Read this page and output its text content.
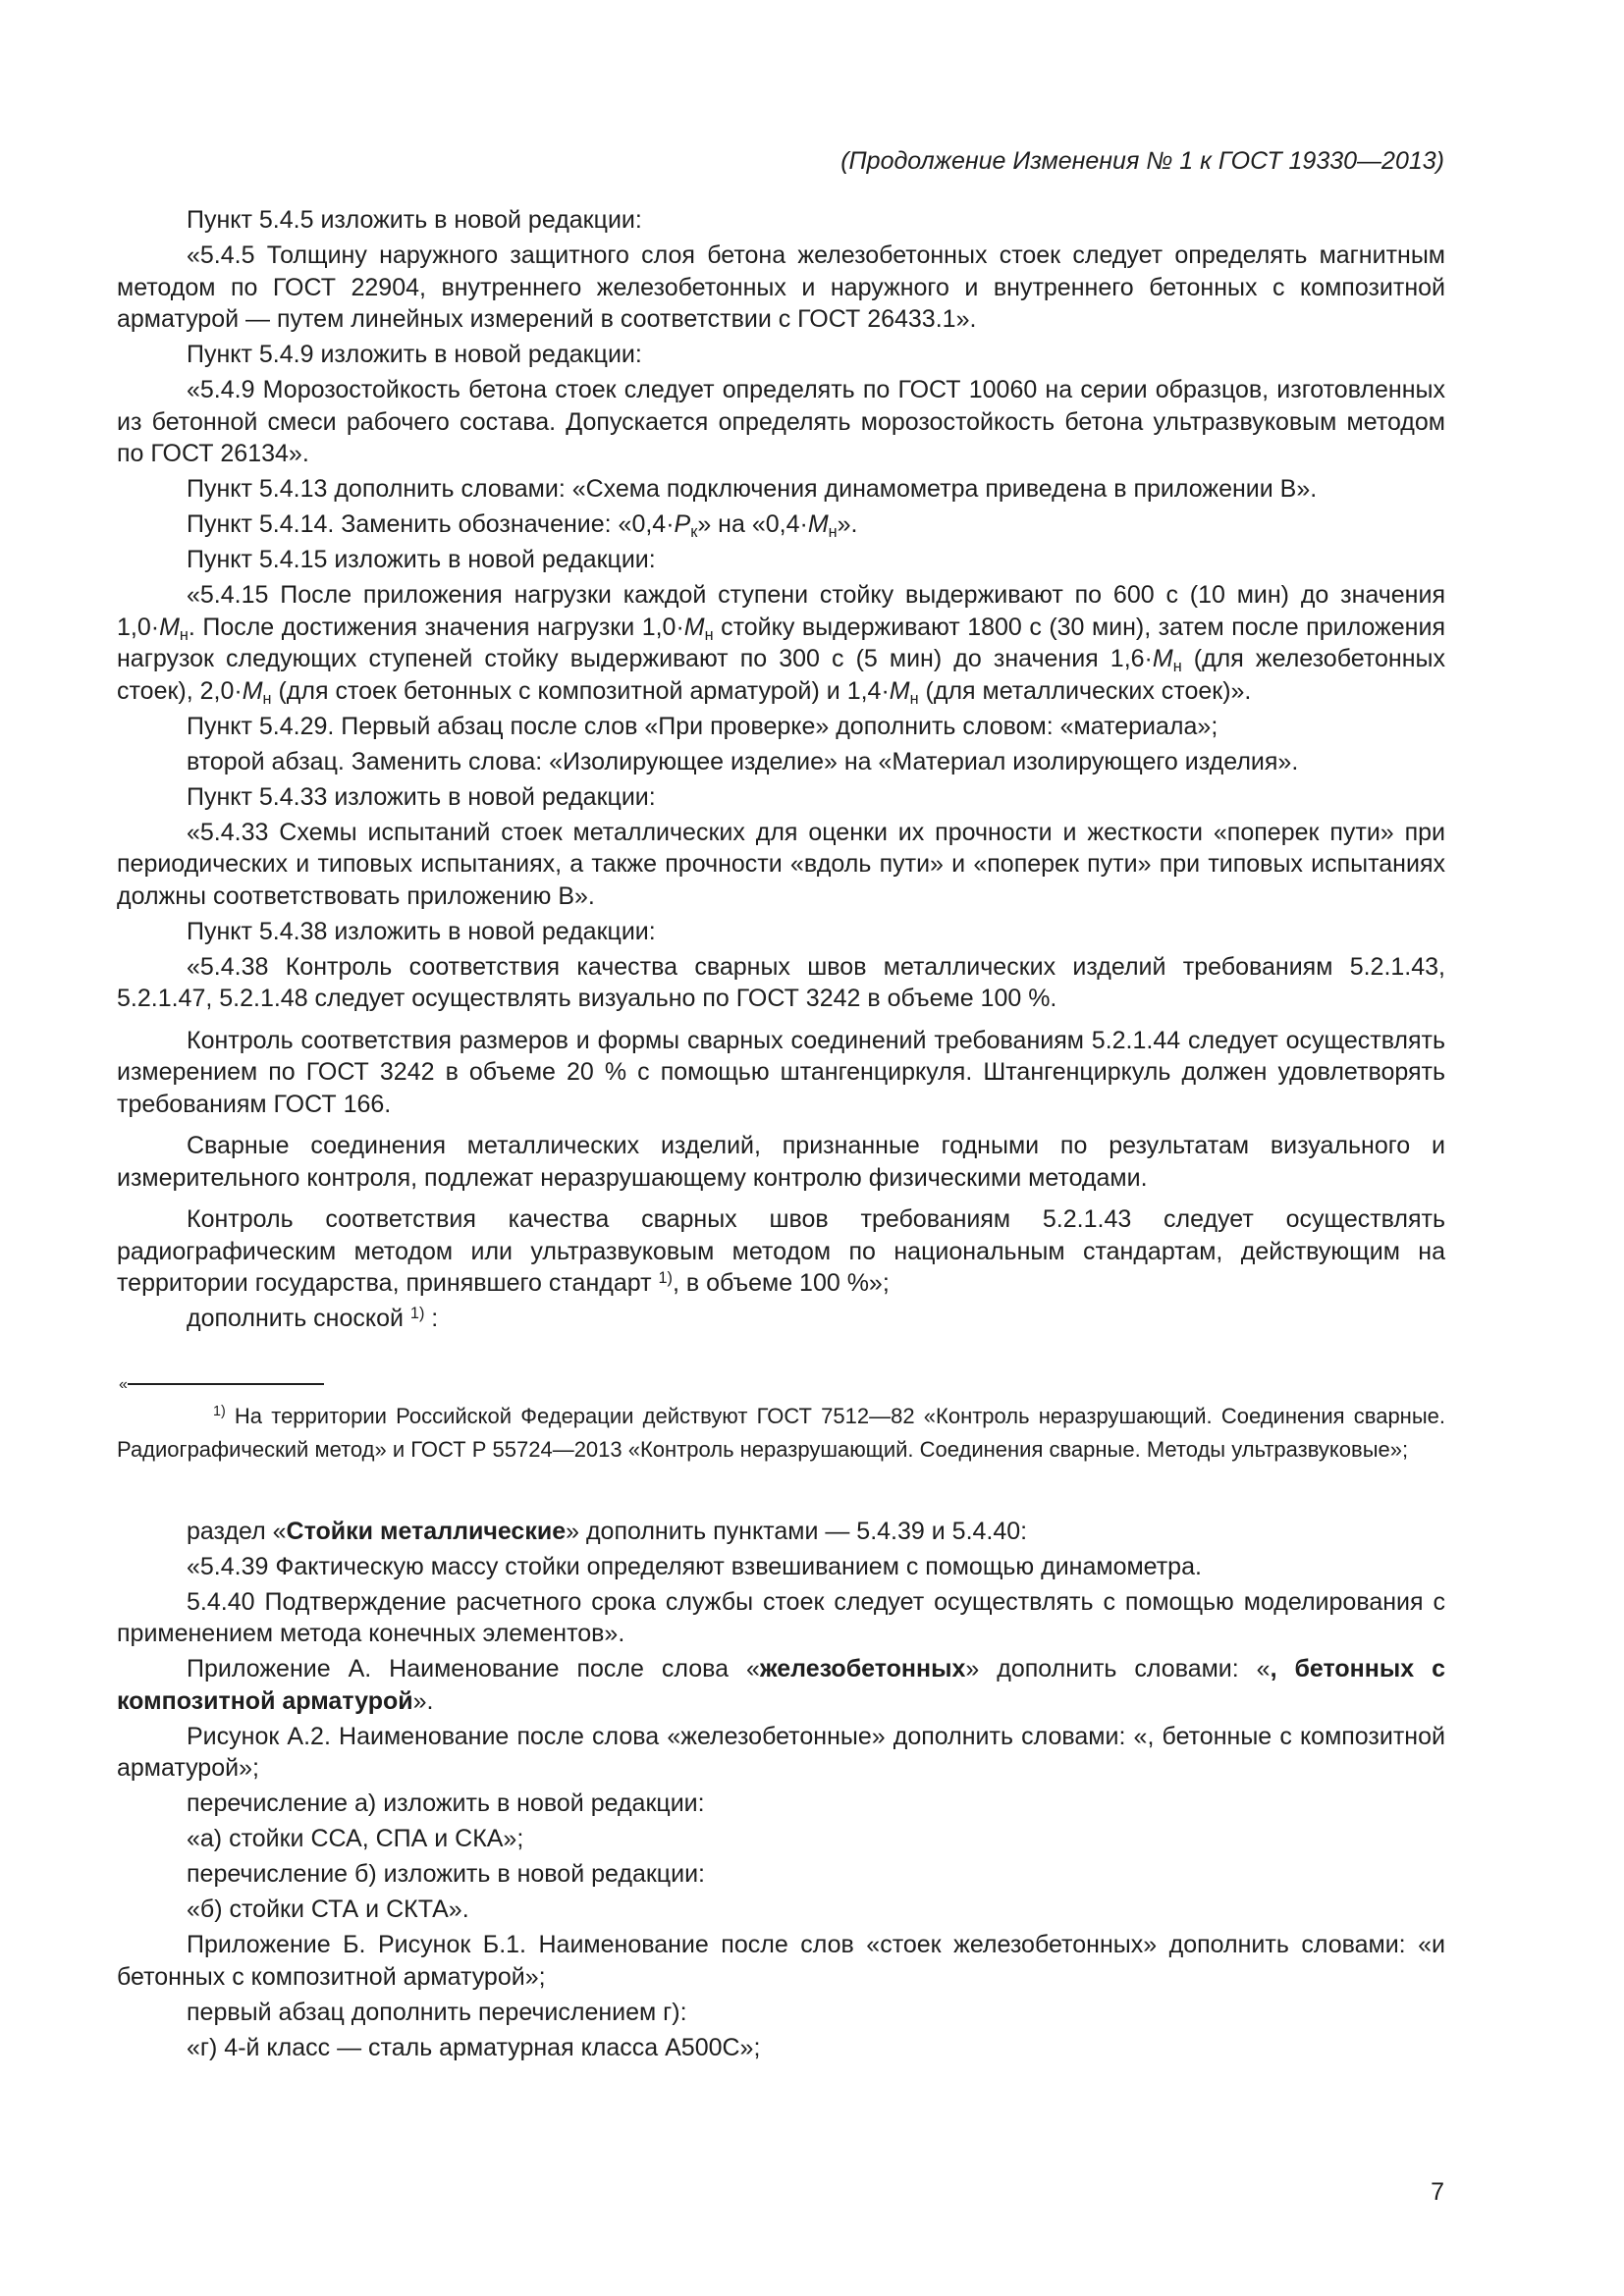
(Продолжение Изменения № 1 к ГОСТ 19330—2013)

Пункт 5.4.5 изложить в новой редакции:

«5.4.5 Толщину наружного защитного слоя бетона железобетонных стоек следует определять магнитным методом по ГОСТ 22904, внутреннего железобетонных и наружного и внутреннего бетонных с композитной арматурой — путем линейных измерений в соответствии с ГОСТ 26433.1».

Пункт 5.4.9 изложить в новой редакции:

«5.4.9 Морозостойкость бетона стоек следует определять по ГОСТ 10060 на серии образцов, изготовленных из бетонной смеси рабочего состава. Допускается определять морозостойкость бетона ультразвуковым методом по ГОСТ 26134».

Пункт 5.4.13 дополнить словами: «Схема подключения динамометра приведена в приложении В».

Пункт 5.4.14. Заменить обозначение: «$0,4\cdot P_к$» на «$0,4\cdot M_н$».

Пункт 5.4.15 изложить в новой редакции:

«5.4.15 После приложения нагрузки каждой ступени стойку выдерживают по 600 с (10 мин) до значения $1,0\cdot M_н$. После достижения значения нагрузки $1,0\cdot M_н$ стойку выдерживают 1800 с (30 мин), затем после приложения нагрузок следующих ступеней стойку выдерживают по 300 с (5 мин) до значения $1,6\cdot M_н$ (для железобетонных стоек), $2,0\cdot M_н$ (для стоек бетонных с композитной арматурой) и $1,4\cdot M_н$ (для металлических стоек)».

Пункт 5.4.29. Первый абзац после слов «При проверке» дополнить словом: «материала»;

второй абзац. Заменить слова: «Изолирующее изделие» на «Материал изолирующего изделия».

Пункт 5.4.33 изложить в новой редакции:

«5.4.33 Схемы испытаний стоек металлических для оценки их прочности и жесткости «поперек пути» при периодических и типовых испытаниях, а также прочности «вдоль пути» и «поперек пути» при типовых испытаниях должны соответствовать приложению В».

Пункт 5.4.38 изложить в новой редакции:

«5.4.38 Контроль соответствия качества сварных швов металлических изделий требованиям 5.2.1.43, 5.2.1.47, 5.2.1.48 следует осуществлять визуально по ГОСТ 3242 в объеме 100 %.

Контроль соответствия размеров и формы сварных соединений требованиям 5.2.1.44 следует осуществлять измерением по ГОСТ 3242 в объеме 20 % с помощью штангенциркуля. Штангенциркуль должен удовлетворять требованиям ГОСТ 166.

Сварные соединения металлических изделий, признанные годными по результатам визуального и измерительного контроля, подлежат неразрушающему контролю физическими методами.

Контроль соответствия качества сварных швов требованиям 5.2.1.43 следует осуществлять радиографическим методом или ультразвуковым методом по национальным стандартам, действующим на территории государства, принявшего стандарт $^{1)}$, в объеме 100 %»;

дополнить сноской $^{1)}$ :

«

$^{1)}$ На территории Российской Федерации действуют ГОСТ 7512—82 «Контроль неразрушающий. Соединения сварные. Радиографический метод» и ГОСТ Р 55724—2013 «Контроль неразрушающий. Соединения сварные. Методы ультразвуковые»;

раздел «Стойки металлические» дополнить пунктами — 5.4.39 и 5.4.40:

«5.4.39 Фактическую массу стойки определяют взвешиванием с помощью динамометра.

5.4.40 Подтверждение расчетного срока службы стоек следует осуществлять с помощью моделирования с применением метода конечных элементов».

Приложение А. Наименование после слова «железобетонных» дополнить словами: «, бетонных с композитной арматурой».

Рисунок А.2. Наименование после слова «железобетонные» дополнить словами: «, бетонные с композитной арматурой»;

перечисление а) изложить в новой редакции:

«а) стойки ССА, СПА и СКА»;

перечисление б) изложить в новой редакции:

«б) стойки СТА и СКТА».

Приложение Б. Рисунок Б.1. Наименование после слов «стоек железобетонных» дополнить словами: «и бетонных с композитной арматурой»;

первый абзац дополнить перечислением г):

«г) 4-й класс — сталь арматурная класса А500С»;

7
